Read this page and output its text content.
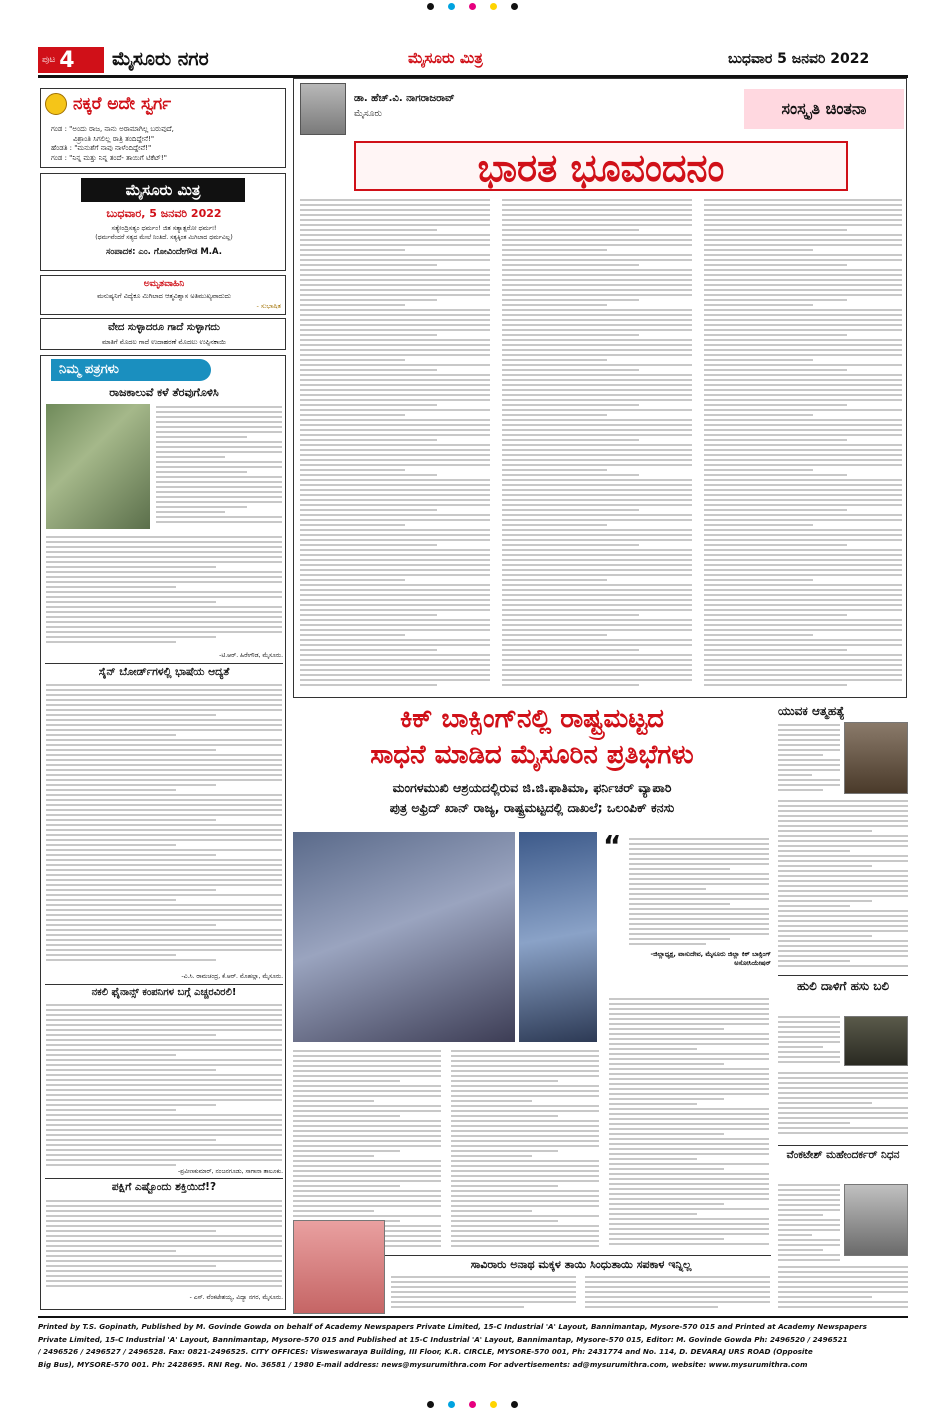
ಪುಟ 4 ಮೈಸೂರು ನಗರ	ಮೈಸೂರು ಮಿತ್ರ	ಬುಧವಾರ 5 ಜನವರಿ 2022
ನಕ್ಕರೆ ಅದೇ ಸ್ವರ್ಗ
ಗಂಡ : "ಅಂದು ರಾಜ, ನಾನು ಅರಾಮಾಗಿಲ್ಲ ಬರುವುದೆ,
ವಿಶ್ರಾಂತಿ ಸಿಗಲಿಲ್ಲ ರಾತ್ರಿ ತಂದಿದ್ದೇನೆ!"
ಹೆಂಡತಿ : "ಮನುಶೆಗೆ ನಾವು ನಾಳೆಂದಿದ್ದೇವೆ!"
ಗಂಡ : "ನಿನ್ನ ಮತ್ತು ನಿನ್ನ ತಂದೆ- ತಾಯಿಗೆ ಟಿಕೆಟ್!"
ಮೈಸೂರು ಮಿತ್ರ
ಬುಧವಾರ, 5 ಜನವರಿ 2022
ಸತ್ಯೇಂದ್ರಿಸತ್ಯಂ ಧರ್ಮಂ! ಜಿತ ಸತ್ಯಾತ್ಪರೋ ಧರ್ಮಃ!
(ಧರ್ಮವೆಂದರೆ ಸತ್ಯದ ಮೇಲೆ ನಿಂತಿದೆ. ಸತ್ಯಕ್ಕಿಂತ ಮಿಗಿಲಾದ ಧರ್ಮವಿಲ್ಲ)
ಸಂಪಾದಕ: ಎಂ. ಗೋವಿಂದೇಗೌಡ M.A.
ಅಮೃತವಾಹಿನಿ
ಮನುಷ್ಯನಿಗೆ ವಿದ್ಯೆಕೂ ಮಿಗಿಲಾದ ಆತ್ಮವಿಶ್ವಾಸ ಅತಿಮುಖ್ಯವಾದುದು
- ಸುಭಾಷಿತ
ವೇದ ಸುಳ್ಳಾದರೂ ಗಾದೆ ಸುಳ್ಳಾಗದು
ಮಾತಿಗೆ ಮೊದಲ ಗಾದೆ ಉದಾಹರಣೆ ಮೊದಲು ಉಪ್ಪಿನಕಾಯಿ
ನಿಮ್ಮ ಪತ್ರಗಳು
ರಾಜಕಾಲುವೆ ಕಳೆ ತೆರವುಗೊಳಿಸಿ
-ಟಿ.ಆರ್. ಹಿರೇಗೌಡ, ಮೈಸೂರು.
ಸೈನ್ ಬೋರ್ಡ್‌ಗಳಲ್ಲಿ ಭಾಷೆಯ ಆದ್ಯತೆ
-ವಿ.ಸಿ. ರಾಮಚಂದ್ರ, ಕೆ.ಆರ್. ಮೊಹಲ್ಲಾ, ಮೈಸೂರು.
ನಕಲಿ ಫೈನಾನ್ಸ್ ಕಂಪನಿಗಳ ಬಗ್ಗೆ ಎಚ್ಚರವಿರಲಿ!
-ಪ್ರವೀಣಕುಮಾರ್, ನಂಜನಗೂಡು, ಸಾಗಾನಾ ತಾಲೂಕು.
ಪಕ್ಷಿಗೆ ಎಷ್ಟೊಂದು ಶಕ್ತಿಯಿದೆ!?
- ಎಸ್. ವೆಂಕಟೇಶಯ್ಯ, ವಿದ್ಯಾ ನಗರ, ಮೈಸೂರು.
ಡಾ. ಹೆಚ್.ವಿ. ನಾಗರಾಜರಾವ್
ಮೈಸೂರು	ಸಂಸ್ಕೃತಿ ಚಿಂತನಾ
ಭಾರತ ಭೂವಂದನಂ
ಕಿಕ್ ಬಾಕ್ಸಿಂಗ್‌ನಲ್ಲಿ ರಾಷ್ಟ್ರಮಟ್ಟದ
ಸಾಧನೆ ಮಾಡಿದ ಮೈಸೂರಿನ ಪ್ರತಿಭೆಗಳು
ಮಂಗಳಮುಖಿ ಆಶ್ರಯದಲ್ಲಿರುವ ಜಿ.ಜಿ.ಫಾತಿಮಾ, ಫರ್ನಿಚರ್ ವ್ಯಾಪಾರಿ
ಪುತ್ರ ಅಫ್ರಿದ್ ಖಾನ್ ರಾಜ್ಯ, ರಾಷ್ಟ್ರಮಟ್ಟದಲ್ಲಿ ದಾಖಲೆ; ಒಲಂಪಿಕ್ ಕನಸು
“
-ಜಿಲ್ಲಾಧ್ಯಕ್ಷ, ವಾಸುದೇವ, ಮೈಸೂರು ಜಿಲ್ಲಾ ಕಿಕ್ ಬಾಕ್ಸಿಂಗ್ ಅಸೋಸಿಯೇಷನ್
ಸಾವಿರಾರು ಅನಾಥ ಮಕ್ಕಳ ತಾಯಿ ಸಿಂಧುತಾಯಿ ಸಪಕಾಳ ಇನ್ನಿಲ್ಲ
ಯುವಕ ಆತ್ಮಹತ್ಯೆ
ಹುಲಿ ದಾಳಿಗೆ ಹಸು ಬಲಿ
ವೆಂಕಟೇಶ್ ಮಹೇಂದರ್ಕರ್ ನಿಧನ
Printed by T.S. Gopinath, Published by M. Govinde Gowda on behalf of Academy Newspapers Private Limited, 15-C Industrial 'A' Layout, Bannimantap, Mysore-570 015 and Printed at Academy Newspapers
Private Limited, 15-C Industrial 'A' Layout, Bannimantap, Mysore-570 015 and Published at 15-C Industrial 'A' Layout, Bannimantap, Mysore-570 015, Editor: M. Govinde Gowda Ph: 2496520 / 2496521
/ 2496526 / 2496527 / 2496528. Fax: 0821-2496525. CITY OFFICES: Visweswaraya Building, III Floor, K.R. CIRCLE, MYSORE-570 001, Ph: 2431774 and No. 114, D. DEVARAJ URS ROAD (Opposite
Big Bus), MYSORE-570 001. Ph: 2428695. RNI Reg. No. 36581 / 1980 E-mail address: news@mysurumithra.com For advertisements: ad@mysurumithra.com, website: www.mysurumithra.com
